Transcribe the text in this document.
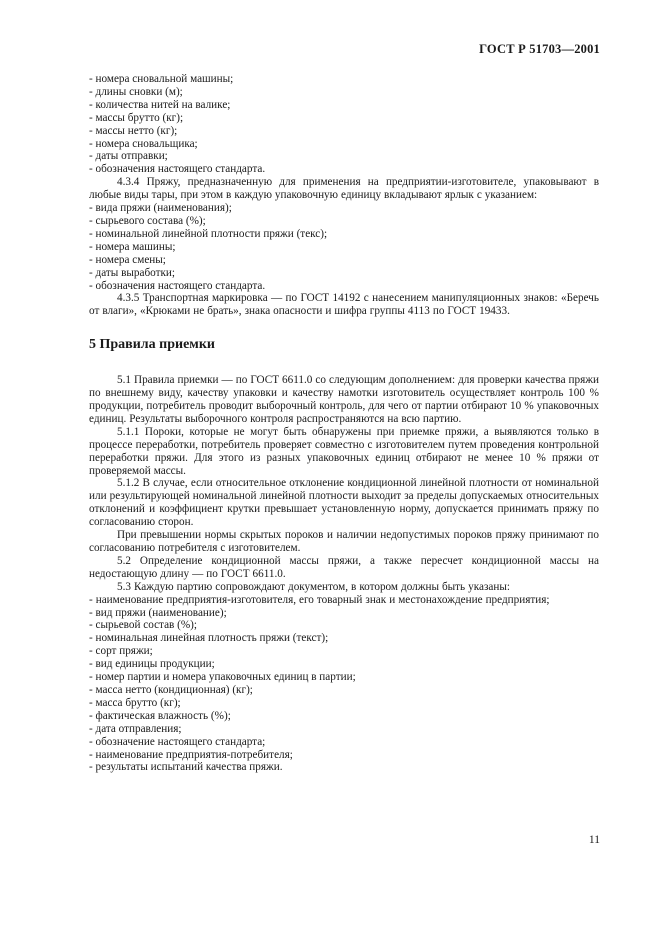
ГОСТ Р 51703—2001
- номера сновальной машины;
- длины сновки (м);
- количества нитей на валике;
- массы брутто (кг);
- массы нетто (кг);
- номера сновальщика;
- даты отправки;
- обозначения настоящего стандарта.
4.3.4 Пряжу, предназначенную для применения на предприятии-изготовителе, упаковывают в любые виды тары, при этом в каждую упаковочную единицу вкладывают ярлык с указанием:
- вида пряжи (наименования);
- сырьевого состава (%);
- номинальной линейной плотности пряжи (текс);
- номера машины;
- номера смены;
- даты выработки;
- обозначения настоящего стандарта.
4.3.5 Транспортная маркировка — по ГОСТ 14192 с нанесением манипуляционных знаков: «Беречь от влаги», «Крюками не брать», знака опасности и шифра группы 4113 по ГОСТ 19433.
5 Правила приемки
5.1 Правила приемки — по ГОСТ 6611.0 со следующим дополнением: для проверки качества пряжи по внешнему виду, качеству упаковки и качеству намотки изготовитель осуществляет контроль 100 % продукции, потребитель проводит выборочный контроль, для чего от партии отбирают 10 % упаковочных единиц. Результаты выборочного контроля распространяются на всю партию.
5.1.1 Пороки, которые не могут быть обнаружены при приемке пряжи, а выявляются только в процессе переработки, потребитель проверяет совместно с изготовителем путем проведения контрольной переработки пряжи. Для этого из разных упаковочных единиц отбирают не менее 10 % пряжи от проверяемой массы.
5.1.2 В случае, если относительное отклонение кондиционной линейной плотности от номинальной или результирующей номинальной линейной плотности выходит за пределы допускаемых относительных отклонений и коэффициент крутки превышает установленную норму, допускается принимать пряжу по согласованию сторон.
При превышении нормы скрытых пороков и наличии недопустимых пороков пряжу принимают по согласованию потребителя с изготовителем.
5.2 Определение кондиционной массы пряжи, а также пересчет кондиционной массы на недостающую длину — по ГОСТ 6611.0.
5.3 Каждую партию сопровождают документом, в котором должны быть указаны:
- наименование предприятия-изготовителя, его товарный знак и местонахождение предприятия;
- вид пряжи (наименование);
- сырьевой состав (%);
- номинальная линейная плотность пряжи (текст);
- сорт пряжи;
- вид единицы продукции;
- номер партии и номера упаковочных единиц в партии;
- масса нетто (кондиционная) (кг);
- масса брутто (кг);
- фактическая влажность (%);
- дата отправления;
- обозначение настоящего стандарта;
- наименование предприятия-потребителя;
- результаты испытаний качества пряжи.
11
